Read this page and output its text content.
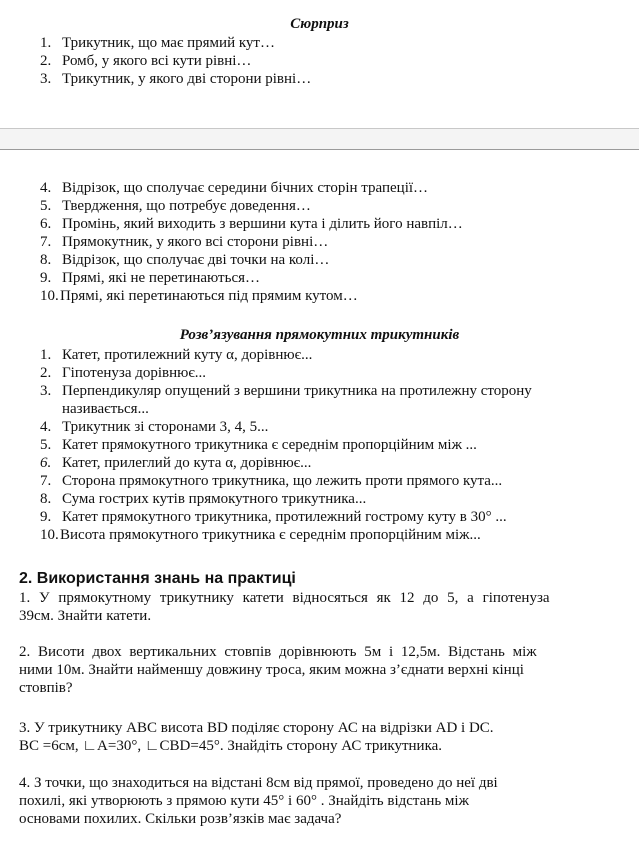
Сюрприз
1. Трикутник, що має прямий кут…
2. Ромб, у якого всі кути рівні…
3. Трикутник, у якого дві сторони рівні…
4. Відрізок, що сполучає середини бічних сторін трапеції…
5. Твердження, що потребує доведення…
6. Промінь, який виходить з вершини кута і ділить його навпіл…
7. Прямокутник, у якого всі сторони рівні…
8. Відрізок, що сполучає дві точки на колі…
9. Прямі, які не перетинаються…
10.Прямі, які перетинаються під прямим кутом…
Розв’язування прямокутних трикутників
1. Катет, протилежний куту α, дорівнює...
2. Гіпотенуза дорівнює...
3. Перпендикуляр опущений з вершини трикутника на протилежну сторону
називається...
4. Трикутник зі сторонами 3, 4, 5...
5. Катет прямокутного трикутника є середнім пропорційним між ...
6. Катет, прилеглий до кута α, дорівнює...
7. Сторона прямокутного трикутника, що лежить проти прямого кута...
8. Сума гострих кутів прямокутного трикутника...
9. Катет прямокутного трикутника, протилежний гострому куту в 30° ...
10.Висота прямокутного трикутника є середнім пропорційним між...
2. Використання знань на практиці
1. У прямокутному трикутнику катети відносяться як 12 до 5, а гіпотенуза
39см. Знайти катети.
2. Висоти двох вертикальних стовпів дорівнюють 5м і 12,5м. Відстань між
ними 10м. Знайти найменшу довжину троса, яким можна з’єднати верхні кінці
стовпів?
3. У трикутнику АВС висота BD поділяє сторону АС на відрізки AD і DC.
BC =6см, ∟A=30°, ∟CBD=45°. Знайдіть сторону АС трикутника.
4. З точки, що знаходиться на відстані 8см від прямої, проведено до неї дві
похилі, які утворюють з прямою кути 45° і 60° . Знайдіть відстань між
основами похилих. Скільки розв’язків має задача?
